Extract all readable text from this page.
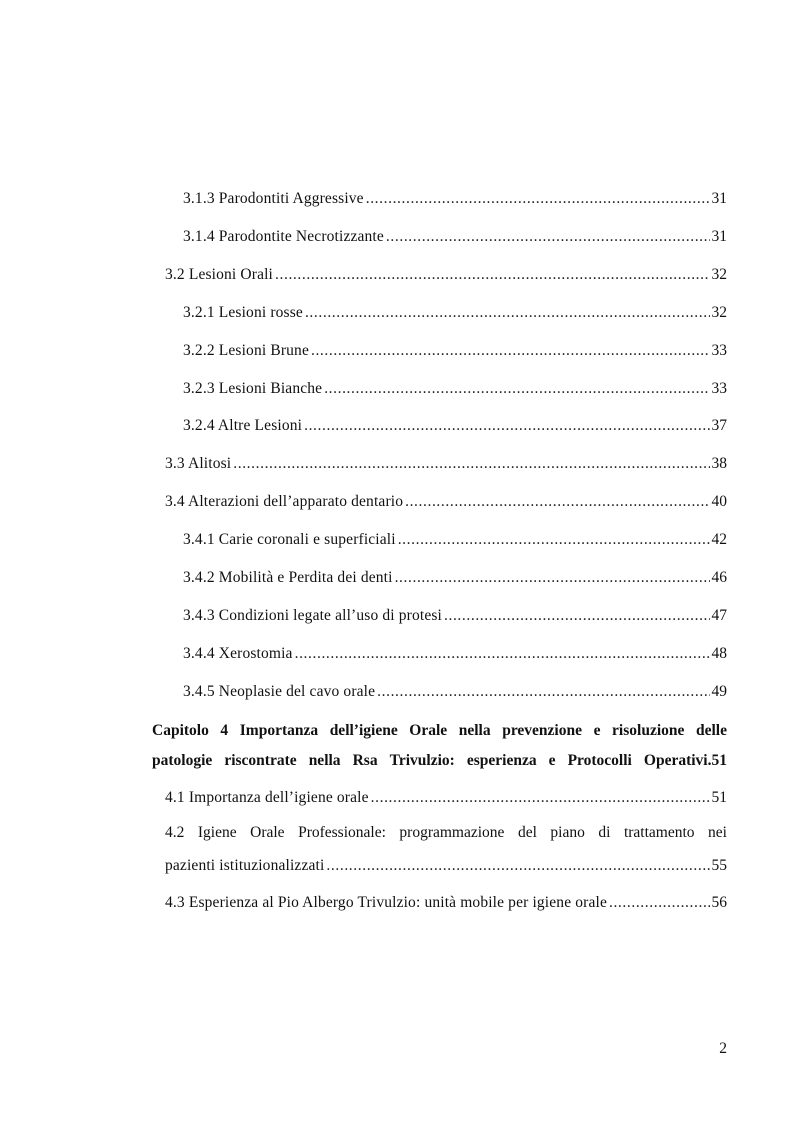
3.1.3 Parodontiti Aggressive .....	31
3.1.4 Parodontite Necrotizzante .....	31
3.2 Lesioni Orali .....	32
3.2.1 Lesioni rosse .....	32
3.2.2 Lesioni Brune .....	33
3.2.3 Lesioni Bianche .....	33
3.2.4 Altre Lesioni .....	37
3.3 Alitosi .....	38
3.4 Alterazioni dell’apparato dentario .....	40
3.4.1 Carie coronali e superficiali .....	42
3.4.2 Mobilità e Perdita dei denti .....	46
3.4.3 Condizioni legate all’uso di protesi .....	47
3.4.4 Xerostomia .....	48
3.4.5 Neoplasie del cavo orale .....	49
Capitolo 4 Importanza dell’igiene Orale nella prevenzione e risoluzione delle
patologie riscontrate nella Rsa Trivulzio: esperienza e Protocolli Operativi.51
4.1 Importanza dell’igiene orale .....	51
4.2 Igiene Orale Professionale: programmazione del piano di trattamento nei
pazienti istituzionalizzati .....	55
4.3 Esperienza al Pio Albergo Trivulzio: unità mobile per igiene orale .....	56
2
